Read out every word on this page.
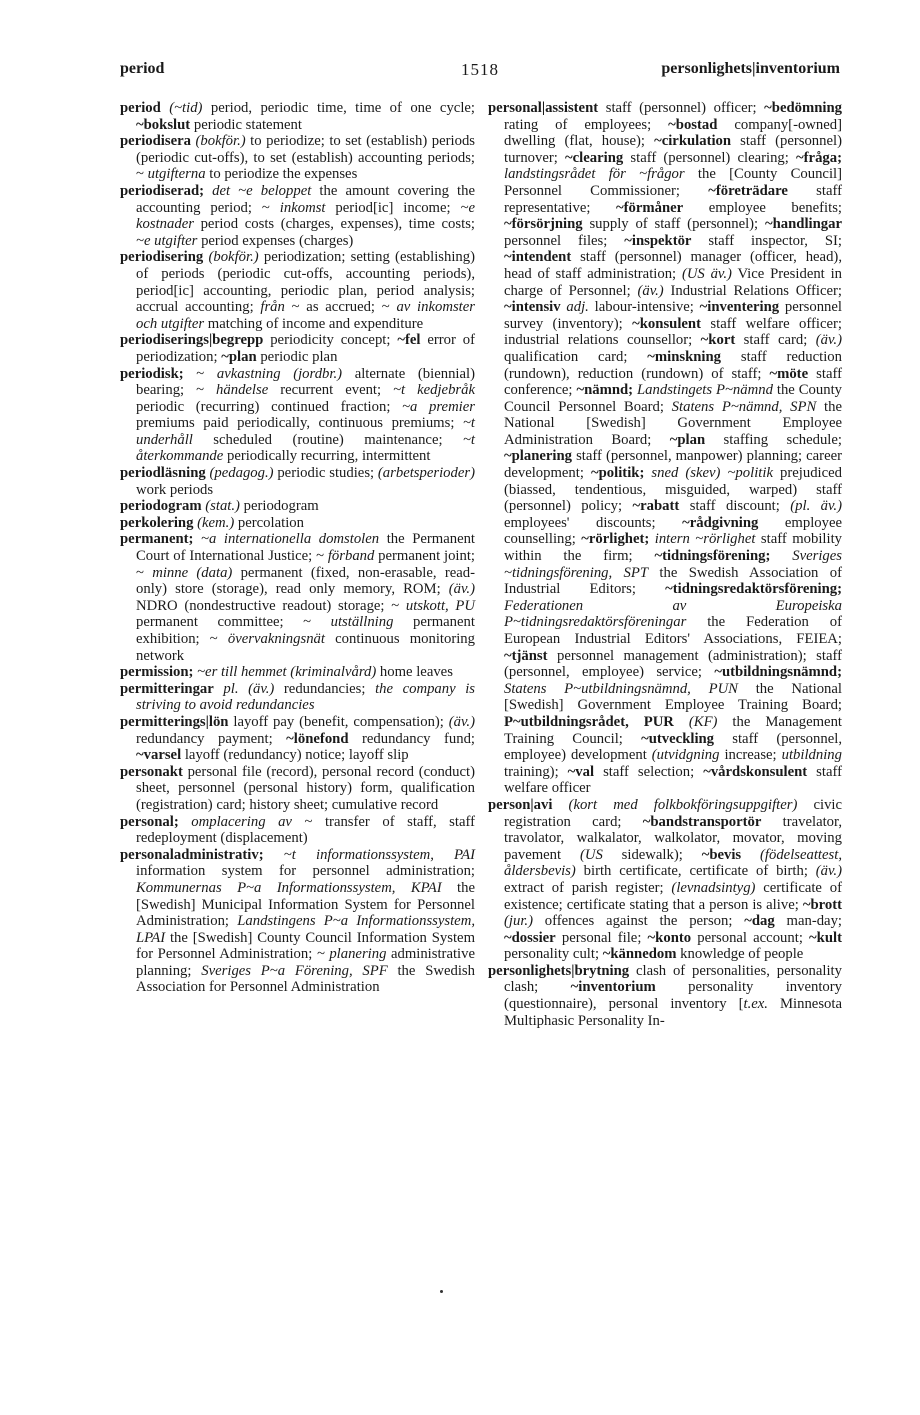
period	1518	personlighets|inventorium

period (~tid) period, periodic time, time of one cycle; ~bokslut periodic statement

periodisera (bokför.) to periodize; to set (establish) periods (periodic cut-offs), to set (establish) accounting periods; ~ utgifterna to periodize the expenses

periodiserad; det ~e beloppet the amount covering the accounting period; ~ inkomst period[ic] income; ~e kostnader period costs (charges, expenses), time costs; ~e utgifter period expenses (charges)

periodisering (bokför.) periodization; setting (establishing) of periods (periodic cut-offs, accounting periods), period[ic] accounting, periodic plan, period analysis; accrual accounting; från ~ as accrued; ~ av inkomster och utgifter matching of income and expenditure

periodiserings|begrepp periodicity concept; ~fel error of periodization; ~plan periodic plan

periodisk; ~ avkastning (jordbr.) alternate (biennial) bearing; ~ händelse recurrent event; ~t kedjebråk periodic (recurring) continued fraction; ~a premier premiums paid periodically, continuous premiums; ~t underhåll scheduled (routine) maintenance; ~t återkommande periodically recurring, intermittent

periodläsning (pedagog.) periodic studies; (arbetsperioder) work periods

periodogram (stat.) periodogram

perkolering (kem.) percolation

permanent; ~a internationella domstolen the Permanent Court of International Justice; ~ förband permanent joint; ~ minne (data) permanent (fixed, non-erasable, read-only) store (storage), read only memory, ROM; (äv.) NDRO (nondestructive readout) storage; ~ utskott, PU permanent committee; ~ utställning permanent exhibition; ~ övervakningsnät continuous monitoring network

permission; ~er till hemmet (kriminalvård) home leaves

permitteringar pl. (äv.) redundancies; the company is striving to avoid redundancies

permitterings|lön layoff pay (benefit, compensation); (äv.) redundancy payment; ~lönefond redundancy fund; ~varsel layoff (redundancy) notice; layoff slip

personakt personal file (record), personal record (conduct) sheet, personnel (personal history) form, qualification (registration) card; history sheet; cumulative record

personal; omplacering av ~ transfer of staff, staff redeployment (displacement)

personaladministrativ; ~t informationssystem, PAI information system for personnel administration; Kommunernas P~a Informationssystem, KPAI the [Swedish] Municipal Information System for Personnel Administration; Landstingens P~a Informationssystem, LPAI the [Swedish] County Council Information System for Personnel Administration; ~ planering administrative planning; Sveriges P~a Förening, SPF the Swedish Association for Personnel Administration

personal|assistent staff (personnel) officer; ~bedömning rating of employees; ~bostad company[-owned] dwelling (flat, house); ~cirkulation staff (personnel) turnover; ~clearing staff (personnel) clearing; ~fråga; landstingsrådet för ~frågor the [County Council] Personnel Commissioner; ~företrädare staff representative; ~förmåner employee benefits; ~försörjning supply of staff (personnel); ~handlingar personnel files; ~inspektör staff inspector, SI; ~intendent staff (personnel) manager (officer, head), head of staff administration; (US äv.) Vice President in charge of Personnel; (äv.) Industrial Relations Officer; ~intensiv adj. labour-intensive; ~inventering personnel survey (inventory); ~konsulent staff welfare officer; industrial relations counsellor; ~kort staff card; (äv.) qualification card; ~minskning staff reduction (rundown), reduction (rundown) of staff; ~möte staff conference; ~nämnd; Landstingets P~nämnd the County Council Personnel Board; Statens P~nämnd, SPN the National [Swedish] Government Employee Administration Board; ~plan staffing schedule; ~planering staff (personnel, manpower) planning; career development; ~politik; sned (skev) ~politik prejudiced (biassed, tendentious, misguided, warped) staff (personnel) policy; ~rabatt staff discount; (pl. äv.) employees' discounts; ~rådgivning employee counselling; ~rörlighet; intern ~rörlighet staff mobility within the firm; ~tidningsförening; Sveriges ~tidningsförening, SPT the Swedish Association of Industrial Editors; ~tidningsredaktörsförening; Federationen av Europeiska P~tidningsredaktörsföreningar the Federation of European Industrial Editors' Associations, FEIEA; ~tjänst personnel management (administration); staff (personnel, employee) service; ~utbildningsnämnd; Statens P~utbildningsnämnd, PUN the National [Swedish] Government Employee Training Board; P~utbildningsrådet, PUR (KF) the Management Training Council; ~utveckling staff (personnel, employee) development (utvidgning increase; utbildning training); ~val staff selection; ~vårdskonsulent staff welfare officer

person|avi (kort med folkbokföringsuppgifter) civic registration card; ~bandstransportör travelator, travolator, walkalator, walkolator, movator, moving pavement (US sidewalk); ~bevis (födelseattest, åldersbevis) birth certificate, certificate of birth; (äv.) extract of parish register; (levnadsintyg) certificate of existence; certificate stating that a person is alive; ~brott (jur.) offences against the person; ~dag man-day; ~dossier personal file; ~konto personal account; ~kult personality cult; ~kännedom knowledge of people

personlighets|brytning clash of personalities, personality clash; ~inventorium personality inventory (questionnaire), personal inventory [t.ex. Minnesota Multiphasic Personality In-
